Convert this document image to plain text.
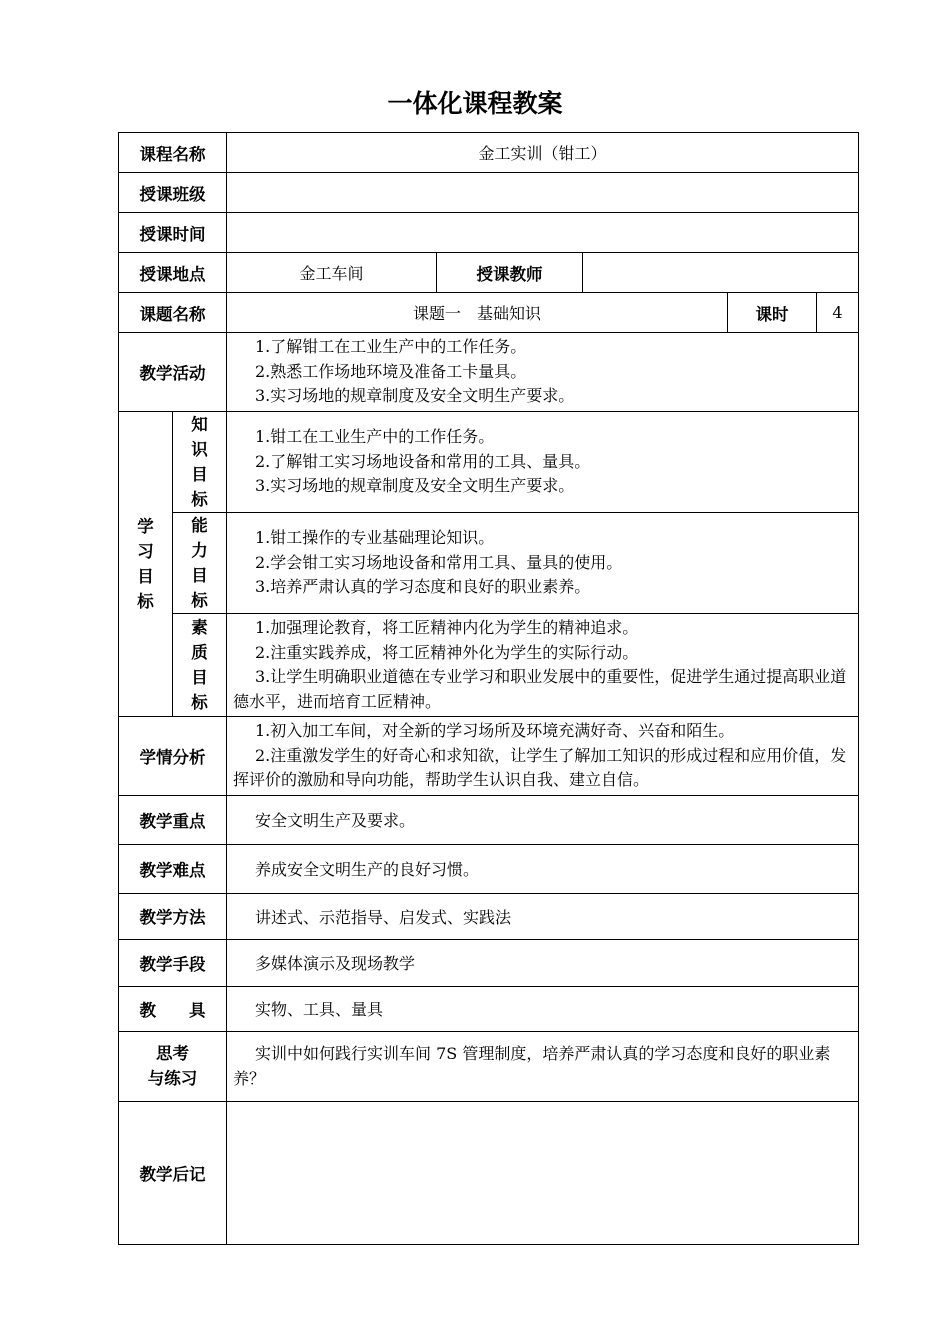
一体化课程教案
课程名称		金工实训（钳工）				
授课班级						
授课时间						
授课地点		金工车间	授课教师			
课题名称		课题一　基础知识			课时	4
教学活动		1.了解钳工在工业生产中的工作任务。
2.熟悉工作场地环境及准备工卡量具。
3.实习场地的规章制度及安全文明生产要求。				

学习目标	知识目标	1.钳工在工业生产中的工作任务。
2.了解钳工实习场地设备和常用的工具、量具。
3.实习场地的规章制度及安全文明生产要求。				

	能力目标	1.钳工操作的专业基础理论知识。
2.学会钳工实习场地设备和常用工具、量具的使用。
3.培养严肃认真的学习态度和良好的职业素养。				

	素质目标	1.加强理论教育，将工匠精神内化为学生的精神追求。
2.注重实践养成，将工匠精神外化为学生的实际行动。
3.让学生明确职业道德在专业学习和职业发展中的重要性，促进学生通过提高职业道德水平，进而培育工匠精神。				

学情分析		1.初入加工车间，对全新的学习场所及环境充满好奇、兴奋和陌生。
2.注重激发学生的好奇心和求知欲，让学生了解加工知识的形成过程和应用价值，发挥评价的激励和导向功能，帮助学生认识自我、建立自信。				

教学重点		安全文明生产及要求。				
教学难点		养成安全文明生产的良好习惯。				
教学方法		讲述式、示范指导、启发式、实践法				
教学手段		多媒体演示及现场教学				
教　　具		实物、工具、量具				
思考
与练习		实训中如何践行实训车间 7S 管理制度，培养严肃认真的学习态度和良好的职业素养？				
教学后记						
